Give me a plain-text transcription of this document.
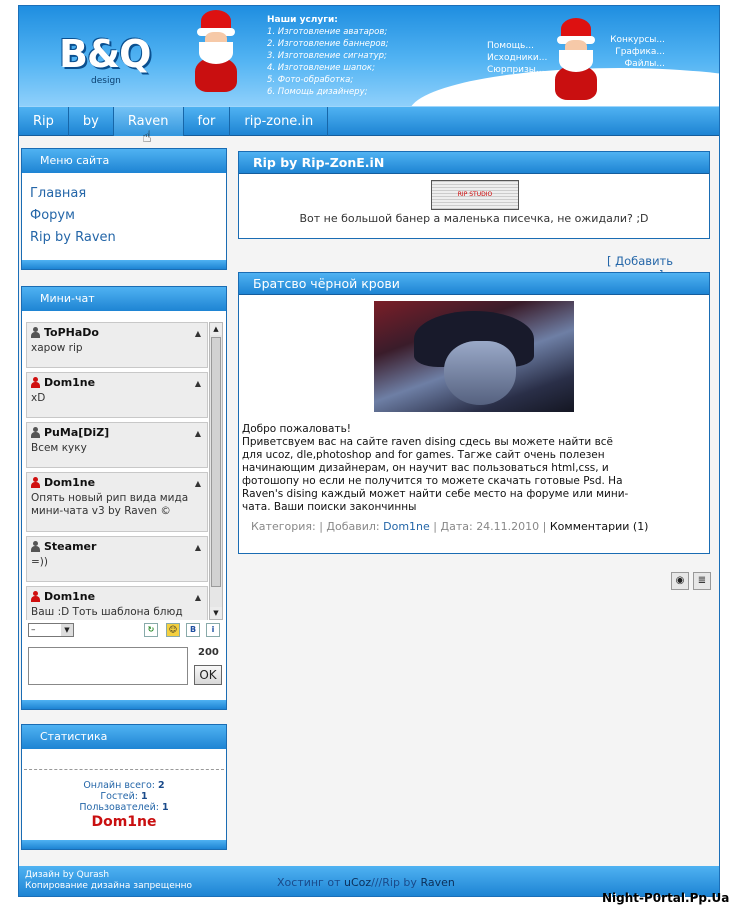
B&Q
design
Наши услуги:
1. Изготовление аватаров;
2. Изготовление баннеров;
3. Изготовление сигнатур;
4. Изготовление шапок;
5. Фото-обработка;
6. Помощь дизайнеру;
Помощь...
Исходники...
Сюрпризы...
Конкурсы...
Графика...
Файлы...
Rip	by	Raven	for	rip-zone.in
Меню сайта
Главная
Форум
Rip by Raven
Мини-чат
ToPHaDo	▲
хаpow rip
Dom1ne	▲
xD
PuMa[DiZ]	▲
Всем куку
Dom1ne	▲
Опять новый рип вида мида мини-чата v3 by Raven ©
Steamer	▲
=))
Dom1ne	▲
Ваш :D Тоть шаблона блюд
▲
▼
– ▼	↻	☺	B	i
200
OK
Статистика
Онлайн всего: 2
Гостей: 1
Пользователей: 1
Dom1ne
Rip by Rip-ZonE.iN
RIP STUDIO
Вот не большой банер а маленька писечка, не ожидали? ;D
[ Добавить
Братсво чёрной крови
Добро пожаловать!
Приветсвуем вас на сайте raven dising сдесь вы можете найти всё для ucoz, dle,photoshop and for games. Тагже сайт очень полезен начинающим дизайнерам, он научит вас пользоваться html,css, и фотошопу но если не получится то можете скачать готовые Psd. На Raven's dising каждый может найти себе место на форуме или мини-чата. Ваши поиски закончинны
Категория: | Добавил: Dom1ne | Дата: 24.11.2010 | Комментарии (1)
◉	≣
Дизайн by Qurash
Копирование дизайна запрещенно	Хостинг от uCoz///Rip by Raven
☝
Night-P0rtal.Pp.Ua
